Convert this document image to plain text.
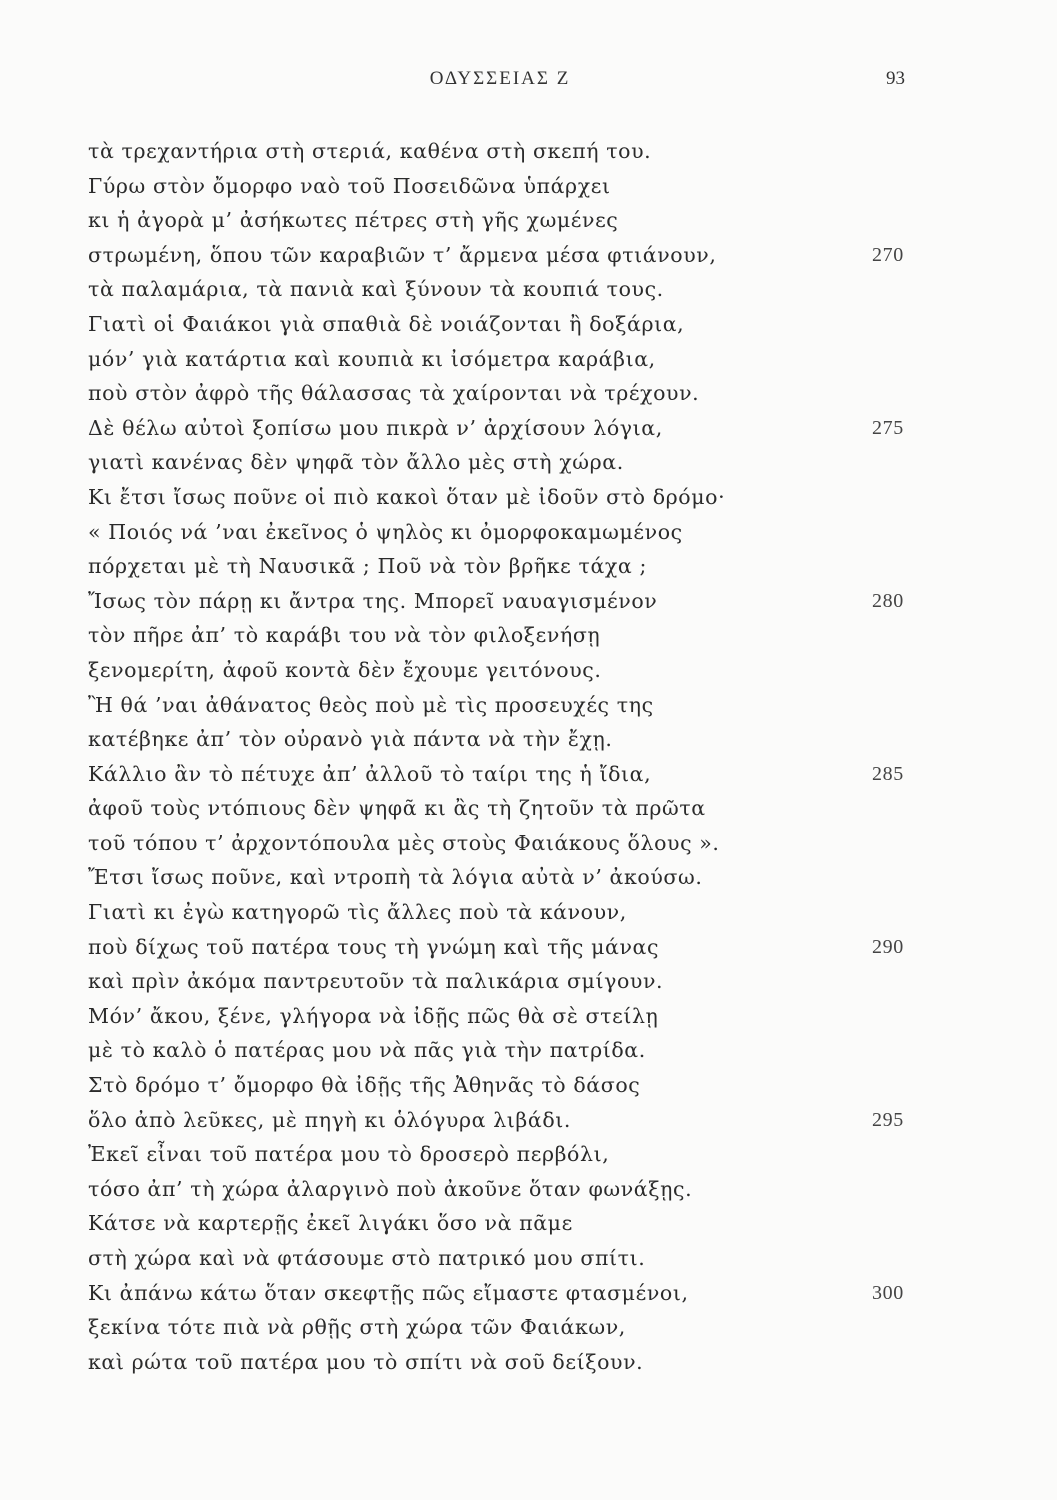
ΟΔΥΣΣΕΙΑΣ Ζ	93
τὰ τρεχαντήρια στὴ στεριά, καθένα στὴ σκεπή του.
Γύρω στὸν ὄμορφο ναὸ τοῦ Ποσειδῶνα ὑπάρχει
κι ἡ ἀγορὰ μ’ ἀσήκωτες πέτρες στὴ γῆς χωμένες
στρωμένη, ὅπου τῶν καραβιῶν τ’ ἄρμενα μέσα φτιάνουν,	270
τὰ παλαμάρια, τὰ πανιὰ καὶ ξύνουν τὰ κουπιά τους.
Γιατὶ οἱ Φαιάκοι γιὰ σπαθιὰ δὲ νοιάζονται ἢ δοξάρια,
μόν’ γιὰ κατάρτια καὶ κουπιὰ κι ἰσόμετρα καράβια,
ποὺ στὸν ἀφρὸ τῆς θάλασσας τὰ χαίρονται νὰ τρέχουν.
Δὲ θέλω αὐτοὶ ξοπίσω μου πικρὰ ν’ ἀρχίσουν λόγια,	275
γιατὶ κανένας δὲν ψηφᾶ τὸν ἄλλο μὲς στὴ χώρα.
Κι ἔτσι ἴσως ποῦνε οἱ πιὸ κακοὶ ὅταν μὲ ἰδοῦν στὸ δρόμο·
« Ποιός νά ’ναι ἐκεῖνος ὁ ψηλὸς κι ὀμορφοκαμωμένος
πόρχεται μὲ τὴ Ναυσικᾶ ; Ποῦ νὰ τὸν βρῆκε τάχα ;
Ἴσως τὸν πάρῃ κι ἄντρα της. Μπορεῖ ναυαγισμένον	280
τὸν πῆρε ἀπ’ τὸ καράβι του νὰ τὸν φιλοξενήσῃ
ξενομερίτη, ἀφοῦ κοντὰ δὲν ἔχουμε γειτόνους.
Ἢ θά ’ναι ἀθάνατος θεὸς ποὺ μὲ τὶς προσευχές της
κατέβηκε ἀπ’ τὸν οὐρανὸ γιὰ πάντα νὰ τὴν ἔχῃ.
Κάλλιο ἂν τὸ πέτυχε ἀπ’ ἀλλοῦ τὸ ταίρι της ἡ ἴδια,	285
ἀφοῦ τοὺς ντόπιους δὲν ψηφᾶ κι ἂς τὴ ζητοῦν τὰ πρῶτα
τοῦ τόπου τ’ ἀρχοντόπουλα μὲς στοὺς Φαιάκους ὅλους ».
Ἔτσι ἴσως ποῦνε, καὶ ντροπὴ τὰ λόγια αὐτὰ ν’ ἀκούσω.
Γιατὶ κι ἐγὼ κατηγορῶ τὶς ἄλλες ποὺ τὰ κάνουν,
ποὺ δίχως τοῦ πατέρα τους τὴ γνώμη καὶ τῆς μάνας	290
καὶ πρὶν ἀκόμα παντρευτοῦν τὰ παλικάρια σμίγουν.
Μόν’ ἄκου, ξένε, γλήγορα νὰ ἰδῇς πῶς θὰ σὲ στείλῃ
μὲ τὸ καλὸ ὁ πατέρας μου νὰ πᾶς γιὰ τὴν πατρίδα.
Στὸ δρόμο τ’ ὄμορφο θὰ ἰδῇς τῆς Ἀθηνᾶς τὸ δάσος
ὅλο ἀπὸ λεῦκες, μὲ πηγὴ κι ὁλόγυρα λιβάδι.	295
Ἐκεῖ εἶναι τοῦ πατέρα μου τὸ δροσερὸ περβόλι,
τόσο ἀπ’ τὴ χώρα ἀλαργινὸ ποὺ ἀκοῦνε ὅταν φωνάξῃς.
Κάτσε νὰ καρτερῇς ἐκεῖ λιγάκι ὅσο νὰ πᾶμε
στὴ χώρα καὶ νὰ φτάσουμε στὸ πατρικό μου σπίτι.
Κι ἀπάνω κάτω ὅταν σκεφτῇς πῶς εἴμαστε φτασμένοι,	300
ξεκίνα τότε πιὰ νὰ ρθῇς στὴ χώρα τῶν Φαιάκων,
καὶ ρώτα τοῦ πατέρα μου τὸ σπίτι νὰ σοῦ δείξουν.
